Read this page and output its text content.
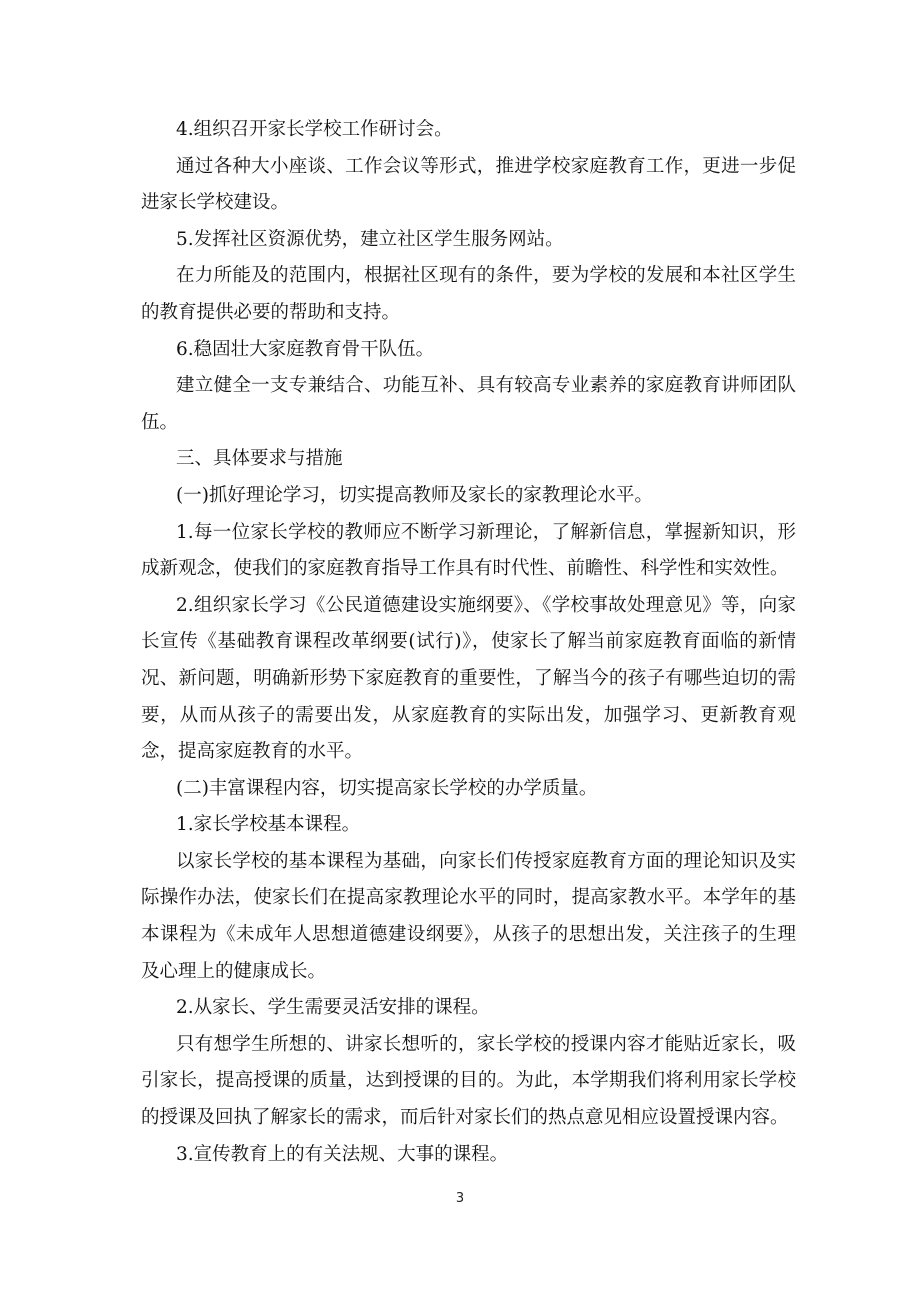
4.组织召开家长学校工作研讨会。

通过各种大小座谈、工作会议等形式，推进学校家庭教育工作，更进一步促进家长学校建设。

5.发挥社区资源优势，建立社区学生服务网站。

在力所能及的范围内，根据社区现有的条件，要为学校的发展和本社区学生的教育提供必要的帮助和支持。

6.稳固壮大家庭教育骨干队伍。

建立健全一支专兼结合、功能互补、具有较高专业素养的家庭教育讲师团队伍。

三、具体要求与措施

(一)抓好理论学习，切实提高教师及家长的家教理论水平。

1.每一位家长学校的教师应不断学习新理论，了解新信息，掌握新知识，形成新观念，使我们的家庭教育指导工作具有时代性、前瞻性、科学性和实效性。

2.组织家长学习《公民道德建设实施纲要》、《学校事故处理意见》等，向家长宣传《基础教育课程改革纲要(试行)》，使家长了解当前家庭教育面临的新情况、新问题，明确新形势下家庭教育的重要性，了解当今的孩子有哪些迫切的需要，从而从孩子的需要出发，从家庭教育的实际出发，加强学习、更新教育观念，提高家庭教育的水平。

(二)丰富课程内容，切实提高家长学校的办学质量。

1.家长学校基本课程。

以家长学校的基本课程为基础，向家长们传授家庭教育方面的理论知识及实际操作办法，使家长们在提高家教理论水平的同时，提高家教水平。本学年的基本课程为《未成年人思想道德建设纲要》，从孩子的思想出发，关注孩子的生理及心理上的健康成长。

2.从家长、学生需要灵活安排的课程。

只有想学生所想的、讲家长想听的，家长学校的授课内容才能贴近家长，吸引家长，提高授课的质量，达到授课的目的。为此，本学期我们将利用家长学校的授课及回执了解家长的需求，而后针对家长们的热点意见相应设置授课内容。

3.宣传教育上的有关法规、大事的课程。

3
